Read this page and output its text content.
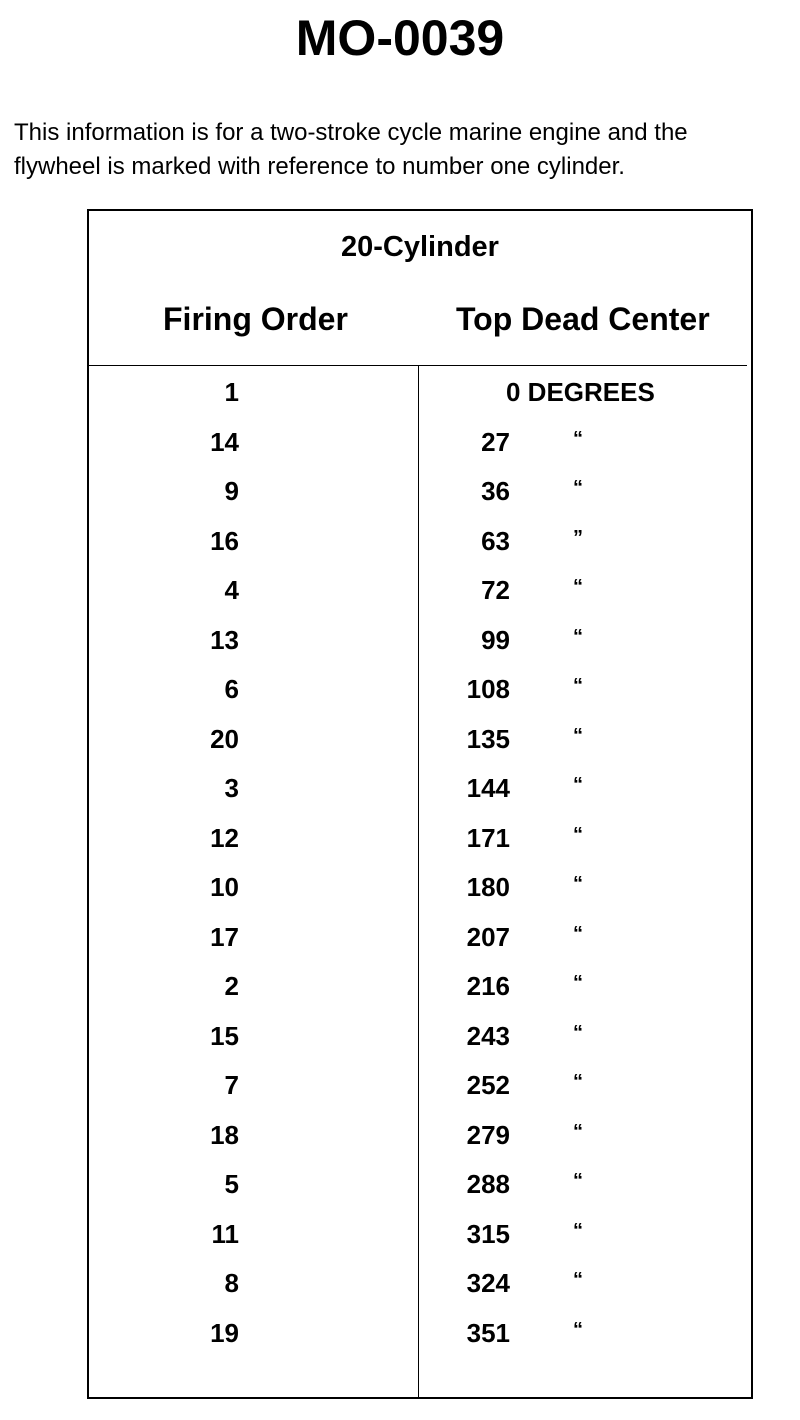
MO-0039
This information is for a two-stroke cycle marine engine and the
flywheel is marked with reference to number one cylinder.
20-Cylinder
Firing Order	Top Dead Center
1	0 DEGREES
14	27	“
9	36	“
16	63	”
4	72	“
13	99	“
6	108	“
20	135	“
3	144	“
12	171	“
10	180	“
17	207	“
2	216	“
15	243	“
7	252	“
18	279	“
5	288	“
11	315	“
8	324	“
19	351	“
